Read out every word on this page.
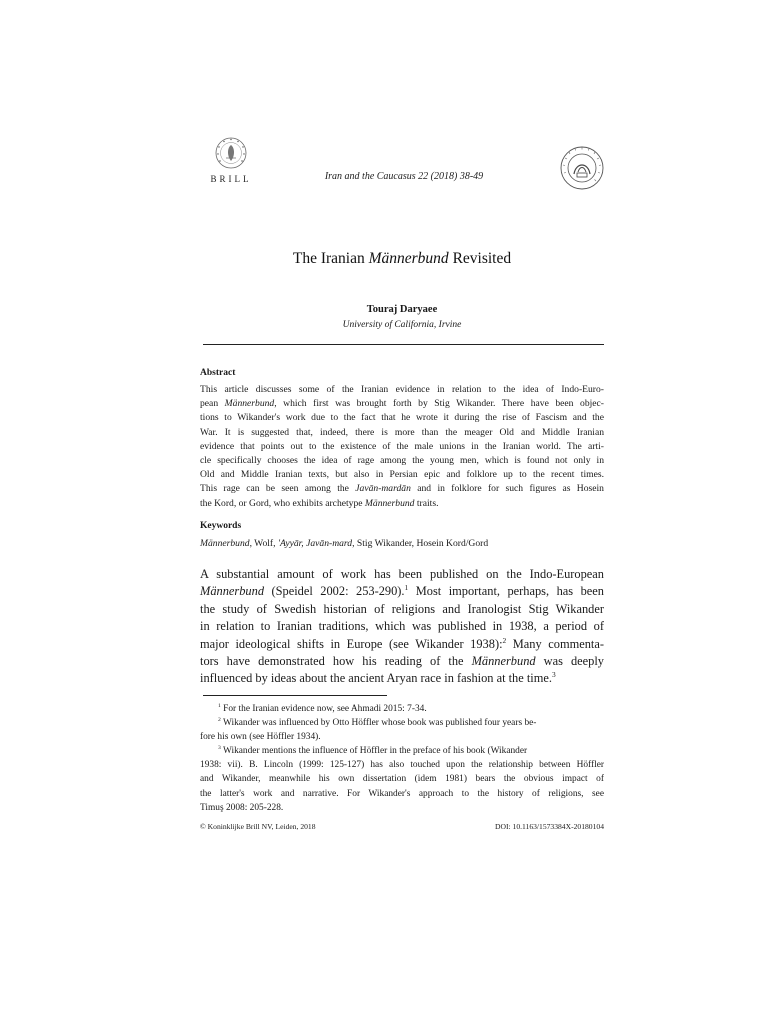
BRILL	Iran and the Caucasus 22 (2018) 38-49
The Iranian Männerbund Revisited
Touraj Daryaee
University of California, Irvine
Abstract
This article discusses some of the Iranian evidence in relation to the idea of Indo-Euro-
pean Männerbund, which first was brought forth by Stig Wikander. There have been objec-
tions to Wikander's work due to the fact that he wrote it during the rise of Fascism and the
War. It is suggested that, indeed, there is more than the meager Old and Middle Iranian
evidence that points out to the existence of the male unions in the Iranian world. The arti-
cle specifically chooses the idea of rage among the young men, which is found not only in
Old and Middle Iranian texts, but also in Persian epic and folklore up to the recent times.
This rage can be seen among the Javān-mardān and in folklore for such figures as Hosein
the Kord, or Gord, who exhibits archetype Männerbund traits.
Keywords
Männerbund, Wolf, 'Ayyār, Javān-mard, Stig Wikander, Hosein Kord/Gord
A substantial amount of work has been published on the Indo-European
Männerbund (Speidel 2002: 253-290).$^1$ Most important, perhaps, has been
the study of Swedish historian of religions and Iranologist Stig Wikander
in relation to Iranian traditions, which was published in 1938, a period of
major ideological shifts in Europe (see Wikander 1938):$^2$ Many commenta-
tors have demonstrated how his reading of the Männerbund was deeply
influenced by ideas about the ancient Aryan race in fashion at the time.$^3$
$^1$ For the Iranian evidence now, see Ahmadi 2015: 7-34.
$^2$ Wikander was influenced by Otto Höffler whose book was published four years be-
fore his own (see Höffler 1934).
$^3$ Wikander mentions the influence of Höffler in the preface of his book (Wikander
1938: vii). B. Lincoln (1999: 125-127) has also touched upon the relationship between Höffler
and Wikander, meanwhile his own dissertation (idem 1981) bears the obvious impact of
the latter's work and narrative. For Wikander's approach to the history of religions, see
Timuş 2008: 205-228.
© Koninklijke Brill NV, Leiden, 2018	DOI: 10.1163/1573384X-20180104
